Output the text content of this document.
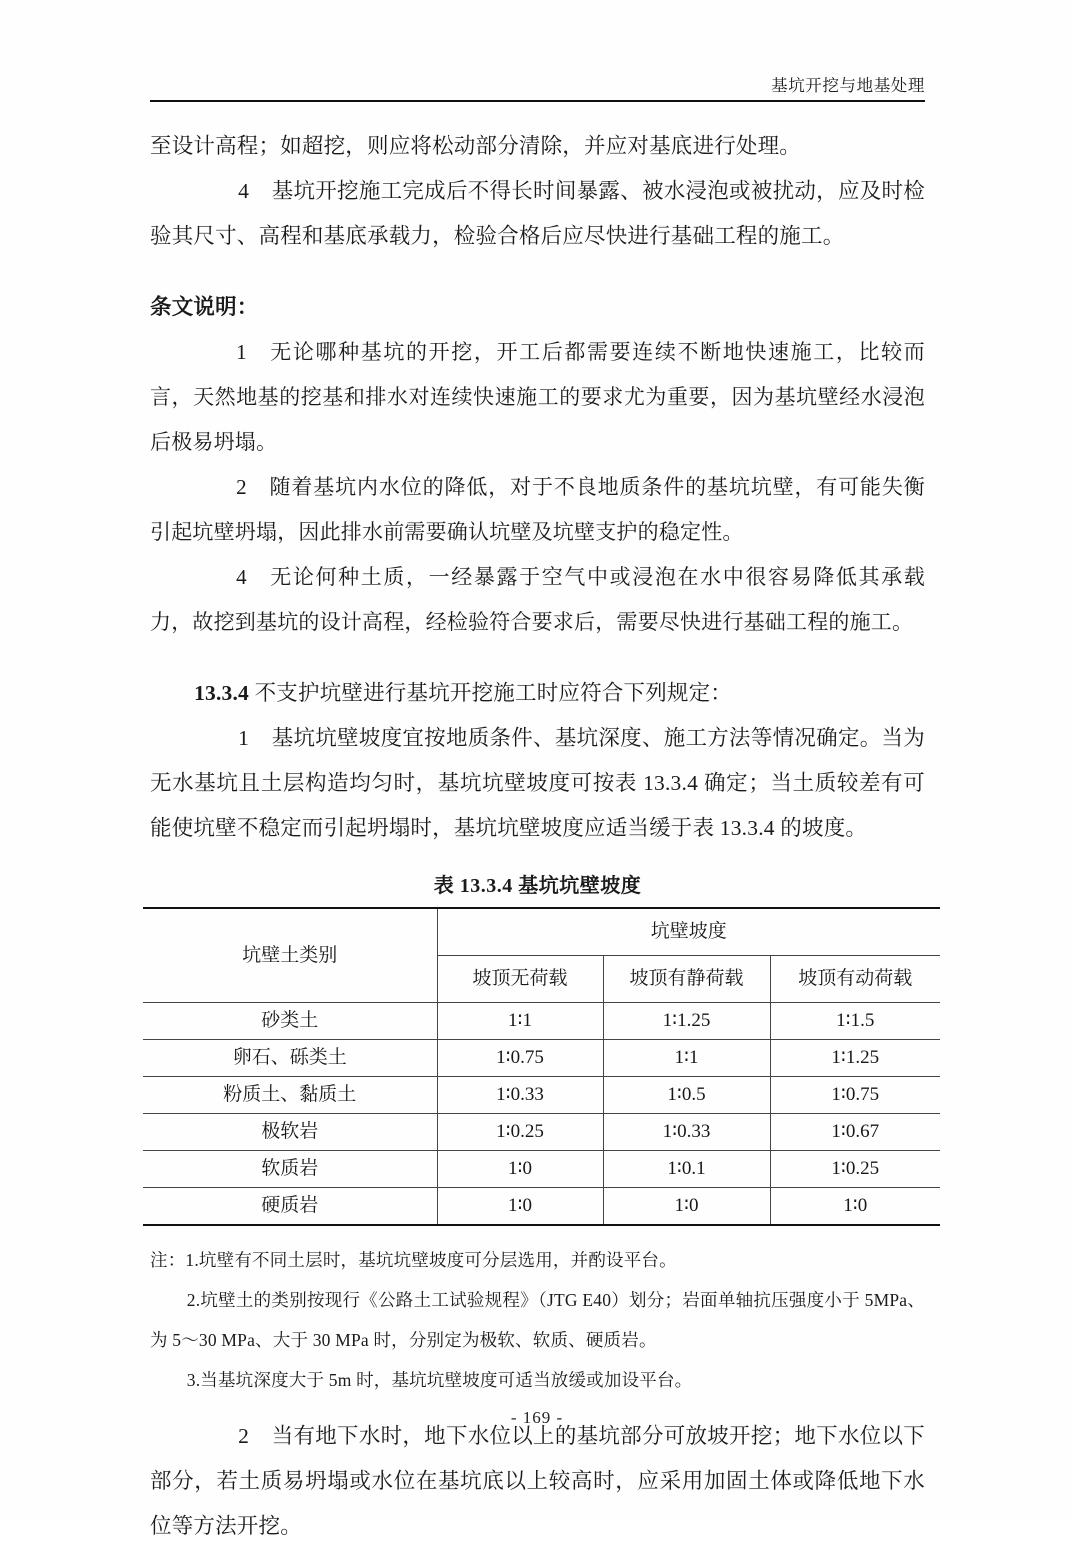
基坑开挖与地基处理

至设计高程；如超挖，则应将松动部分清除，并应对基底进行处理。

4 基坑开挖施工完成后不得长时间暴露、被水浸泡或被扰动，应及时检验其尺寸、高程和基底承载力，检验合格后应尽快进行基础工程的施工。

条文说明：

1 无论哪种基坑的开挖，开工后都需要连续不断地快速施工，比较而言，天然地基的挖基和排水对连续快速施工的要求尤为重要，因为基坑壁经水浸泡后极易坍塌。

2 随着基坑内水位的降低，对于不良地质条件的基坑坑壁，有可能失衡引起坑壁坍塌，因此排水前需要确认坑壁及坑壁支护的稳定性。

4 无论何种土质，一经暴露于空气中或浸泡在水中很容易降低其承载力，故挖到基坑的设计高程，经检验符合要求后，需要尽快进行基础工程的施工。

13.3.4 不支护坑壁进行基坑开挖施工时应符合下列规定：

1 基坑坑壁坡度宜按地质条件、基坑深度、施工方法等情况确定。当为无水基坑且土层构造均匀时，基坑坑壁坡度可按表 13.3.4 确定；当土质较差有可能使坑壁不稳定而引起坍塌时，基坑坑壁坡度应适当缓于表 13.3.4 的坡度。

表 13.3.4 基坑坑壁坡度
坑壁土类别	坑壁坡度		
	坡顶无荷载	坡顶有静荷载	坡顶有动荷载
砂类土	1∶1	1∶1.25	1∶1.5
卵石、砾类土	1∶0.75	1∶1	1∶1.25
粉质土、黏质土	1∶0.33	1∶0.5	1∶0.75
极软岩	1∶0.25	1∶0.33	1∶0.67
软质岩	1∶0	1∶0.1	1∶0.25
硬质岩	1∶0	1∶0	1∶0

注：1.坑壁有不同土层时，基坑坑壁坡度可分层选用，并酌设平台。

2.坑壁土的类别按现行《公路土工试验规程》（JTG E40）划分；岩面单轴抗压强度小于 5MPa、为 5～30 MPa、大于 30 MPa 时，分别定为极软、软质、硬质岩。

3.当基坑深度大于 5m 时，基坑坑壁坡度可适当放缓或加设平台。

2 当有地下水时，地下水位以上的基坑部分可放坡开挖；地下水位以下部分，若土质易坍塌或水位在基坑底以上较高时，应采用加固土体或降低地下水位等方法开挖。

- 169 -
